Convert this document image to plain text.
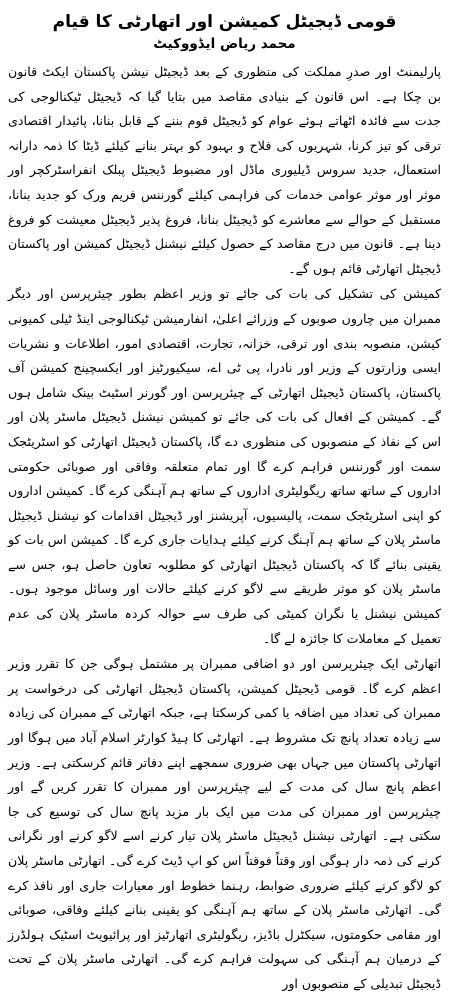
قومی ڈیجیٹل کمیشن اور اتھارٹی کا قیام

محمد ریاض ایڈووکیٹ

پارلیمنٹ اور صدرِ مملکت کی منظوری کے بعد ڈیجیٹل نیشن پاکستان ایکٹ قانون بن چکا ہے۔ اس قانون کے بنیادی مقاصد میں بتایا گیا کہ ڈیجیٹل ٹیکنالوجی کی جدت سے فائدہ اٹھاتے ہوئے عوام کو ڈیجیٹل قوم بننے کے قابل بنانا، پائیدار اقتصادی ترقی کو تیز کرنا، شہریوں کی فلاح و بہبود کو بہتر بنانے کیلئے ڈیٹا کا ذمہ دارانہ استعمال، جدید سروس ڈیلیوری ماڈل اور مضبوط ڈیجیٹل پبلک انفراسٹرکچر اور موثر اور موثر عوامی خدمات کی فراہمی کیلئے گورننس فریم ورک کو جدید بنانا، مستقبل کے حوالے سے معاشرے کو ڈیجیٹل بنانا، فروغ پذیر ڈیجیٹل معیشت کو فروغ دینا ہے۔ قانون میں درج مقاصد کے حصول کیلئے نیشنل ڈیجیٹل کمیشن اور پاکستان ڈیجیٹل اتھارٹی قائم ہوں گے۔

کمیشن کی تشکیل کی بات کی جائے تو وزیر اعظم بطور چیئرپرسن اور دیگر ممبران میں چاروں صوبوں کے وزرائے اعلیٰ، انفارمیشن ٹیکنالوجی اینڈ ٹیلی کمیونی کیشن، منصوبہ بندی اور ترقی، خزانہ، تجارت، اقتصادی امور، اطلاعات و نشریات ایسی وزارتوں کے وزیر اور نادرا، پی ٹی اے، سیکیورٹیز اور ایکسچینج کمیشن آف پاکستان، پاکستان ڈیجیٹل اتھارٹی کے چیئرپرسن اور گورنر اسٹیٹ بینک شامل ہوں گے۔ کمیشن کے افعال کی بات کی جائے تو کمیشن نیشنل ڈیجیٹل ماسٹر پلان اور اس کے نفاذ کے منصوبوں کی منظوری دے گا، پاکستان ڈیجیٹل اتھارٹی کو اسٹریٹجک سمت اور گورننس فراہم کرے گا اور تمام متعلقہ وفاقی اور صوبائی حکومتی اداروں کے ساتھ ساتھ ریگولیٹری اداروں کے ساتھ ہم آہنگی کرے گا۔ کمیشن اداروں کو اپنی اسٹریٹجک سمت، پالیسیوں، آپریشنز اور ڈیجیٹل اقدامات کو نیشنل ڈیجیٹل ماسٹر پلان کے ساتھ ہم آہنگ کرنے کیلئے ہدایات جاری کرے گا۔ کمیشن اس بات کو یقینی بنائے گا کہ پاکستان ڈیجیٹل اتھارٹی کو مطلوبہ تعاون حاصل ہو، جس سے ماسٹر پلان کو موثر طریقے سے لاگو کرنے کیلئے حالات اور وسائل موجود ہوں۔ کمیشن نیشنل یا نگران کمیٹی کی طرف سے حوالہ کردہ ماسٹر پلان کی عدم تعمیل کے معاملات کا جائزہ لے گا۔

اتھارٹی ایک چیئرپرسن اور دو اضافی ممبران پر مشتمل ہوگی جن کا تقرر وزیر اعظم کرے گا۔ قومی ڈیجیٹل کمیشن، پاکستان ڈیجیٹل اتھارٹی کی درخواست پر ممبران کی تعداد میں اضافہ یا کمی کرسکتا ہے، جبکہ اتھارٹی کے ممبران کی زیادہ سے زیادہ تعداد پانچ تک مشروط ہے۔ اتھارٹی کا ہیڈ کوارٹر اسلام آباد میں ہوگا اور اتھارٹی پاکستان میں جہاں بھی ضروری سمجھے اپنے دفاتر قائم کرسکتی ہے۔ وزیر اعظم پانچ سال کی مدت کے لیے چیئرپرسن اور ممبران کا تقرر کریں گے اور چیئرپرسن اور ممبران کی مدت میں ایک بار مزید پانچ سال کی توسیع کی جا سکتی ہے۔ اتھارٹی نیشنل ڈیجیٹل ماسٹر پلان تیار کرنے اسے لاگو کرنے اور نگرانی کرنے کی ذمہ دار ہوگی اور وقتاً فوقتاً اس کو اپ ڈیٹ کرے گی۔ اتھارٹی ماسٹر پلان کو لاگو کرنے کیلئے ضروری ضوابط، رہنما خطوط اور معیارات جاری اور نافذ کرے گی۔ اتھارٹی ماسٹر پلان کے ساتھ ہم آہنگی کو یقینی بنانے کیلئے وفاقی، صوبائی اور مقامی حکومتوں، سیکٹرل باڈیز، ریگولیٹری اتھارٹیز اور پرائیویٹ اسٹیک ہولڈرز کے درمیان ہم آہنگی کی سہولت فراہم کرے گی۔ اتھارٹی ماسٹر پلان کے تحت ڈیجیٹل تبدیلی کے منصوبوں اور
